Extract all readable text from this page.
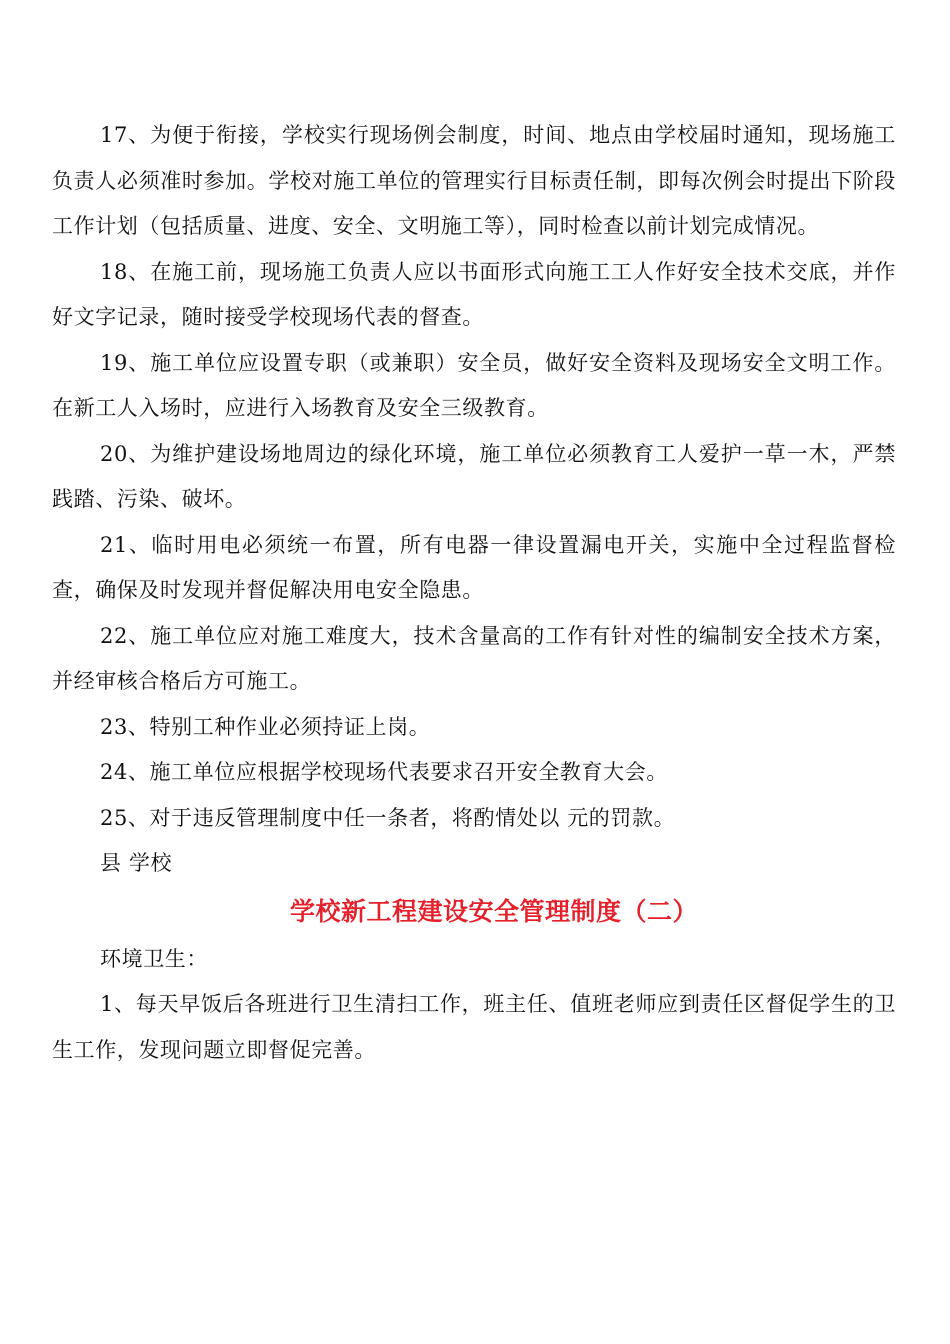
17、为便于衔接，学校实行现场例会制度，时间、地点由学校届时通知，现场施工负责人必须准时参加。学校对施工单位的管理实行目标责任制，即每次例会时提出下阶段工作计划（包括质量、进度、安全、文明施工等），同时检查以前计划完成情况。

18、在施工前，现场施工负责人应以书面形式向施工工人作好安全技术交底，并作好文字记录，随时接受学校现场代表的督查。

19、施工单位应设置专职（或兼职）安全员，做好安全资料及现场安全文明工作。在新工人入场时，应进行入场教育及安全三级教育。

20、为维护建设场地周边的绿化环境，施工单位必须教育工人爱护一草一木，严禁践踏、污染、破坏。

21、临时用电必须统一布置，所有电器一律设置漏电开关，实施中全过程监督检查，确保及时发现并督促解决用电安全隐患。

22、施工单位应对施工难度大，技术含量高的工作有针对性的编制安全技术方案，并经审核合格后方可施工。

23、特别工种作业必须持证上岗。

24、施工单位应根据学校现场代表要求召开安全教育大会。

25、对于违反管理制度中任一条者，将酌情处以 元的罚款。

县 学校

学校新工程建设安全管理制度（二）

环境卫生：

1、每天早饭后各班进行卫生清扫工作，班主任、值班老师应到责任区督促学生的卫生工作，发现问题立即督促完善。
